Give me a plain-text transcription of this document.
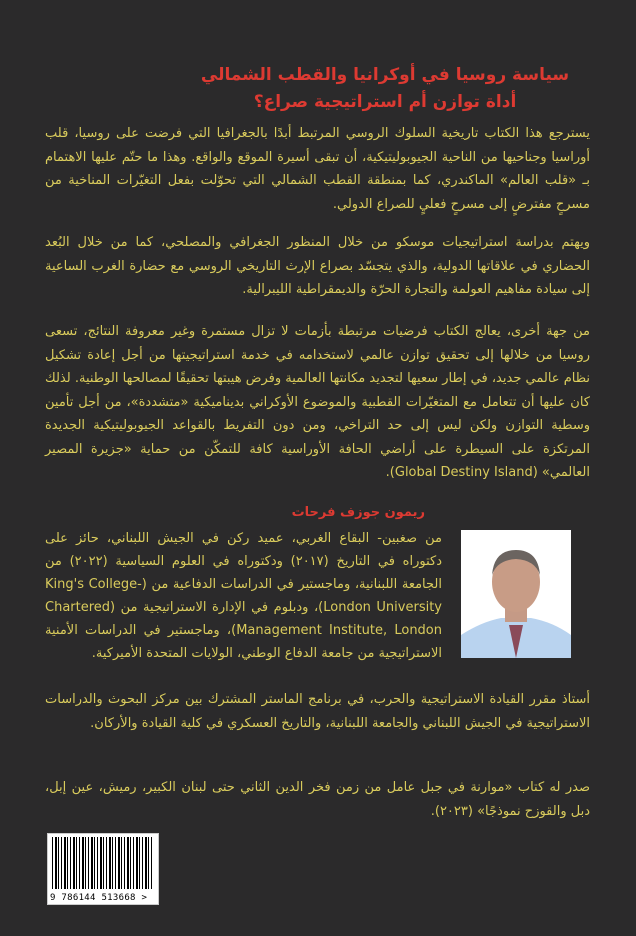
سياسة روسيا في أوكرانيا والقطب الشمالي
أداة توازن أم استراتيجية صراع؟

يسترجع هذا الكتاب تاريخية السلوك الروسي المرتبط أبدًا بالجغرافيا التي فرضت على روسيا، قلب أوراسيا وجناحيها من الناحية الجيوبوليتيكية، أن تبقى أسيرة الموقع والواقع. وهذا ما حتّم عليها الاهتمام بـ «قلب العالم» الماكندري، كما بمنطقة القطب الشمالي التي تحوّلت بفعل التغيّرات المناخية من مسرحٍ مفترضٍ إلى مسرحٍ فعليٍ للصراع الدولي.

ويهتم بدراسة استراتيجيات موسكو من خلال المنظور الجغرافي والمصلحي، كما من خلال البُعد الحضاري في علاقاتها الدولية، والذي يتجسّد بصراع الإرث التاريخي الروسي مع حضارة الغرب الساعية إلى سيادة مفاهيم العولمة والتجارة الحرّة والديمقراطية الليبرالية.

من جهة أخرى، يعالج الكتاب فرضيات مرتبطة بأزمات لا تزال مستمرة وغير معروفة النتائج، تسعى روسيا من خلالها إلى تحقيق توازن عالمي لاستخدامه في خدمة استراتيجيتها من أجل إعادة تشكيل نظام عالمي جديد، في إطار سعيها لتجديد مكانتها العالمية وفرض هيبتها تحقيقًا لمصالحها الوطنية. لذلك كان عليها أن تتعامل مع المتغيّرات القطبية والموضوع الأوكراني بديناميكية «متشددة»، من أجل تأمين وسطية التوازن ولكن ليس إلى حد التراخي، ومن دون التفريط بالقواعد الجيوبوليتيكية الجديدة المرتكزة على السيطرة على أراضي الحافة الأوراسية كافة للتمكّن من حماية «جزيرة المصير العالمي» (Global Destiny Island).

ريمون جوزف فرحات

من صغبين- البقاع الغربي، عميد ركن في الجيش اللبناني، حائز على دكتوراه في التاريخ (٢٠١٧) ودكتوراه في العلوم السياسية (٢٠٢٢) من الجامعة اللبنانية، وماجستير في الدراسات الدفاعية من (King's College-London University)، ودبلوم في الإدارة الاستراتيجية من (Chartered Management Institute, London)، وماجستير في الدراسات الأمنية الاستراتيجية من جامعة الدفاع الوطني، الولايات المتحدة الأميركية.

أستاذ مقرر القيادة الاستراتيجية والحرب، في برنامج الماستر المشترك بين مركز البحوث والدراسات الاستراتيجية في الجيش اللبناني والجامعة اللبنانية، والتاريخ العسكري في كلية القيادة والأركان.

صدر له كتاب «موارنة في جبل عامل من زمن فخر الدين الثاني حتى لبنان الكبير، رميش، عين إبل، دبل والقوزح نموذجًا» (٢٠٢٣).

9 786144 513668 >
